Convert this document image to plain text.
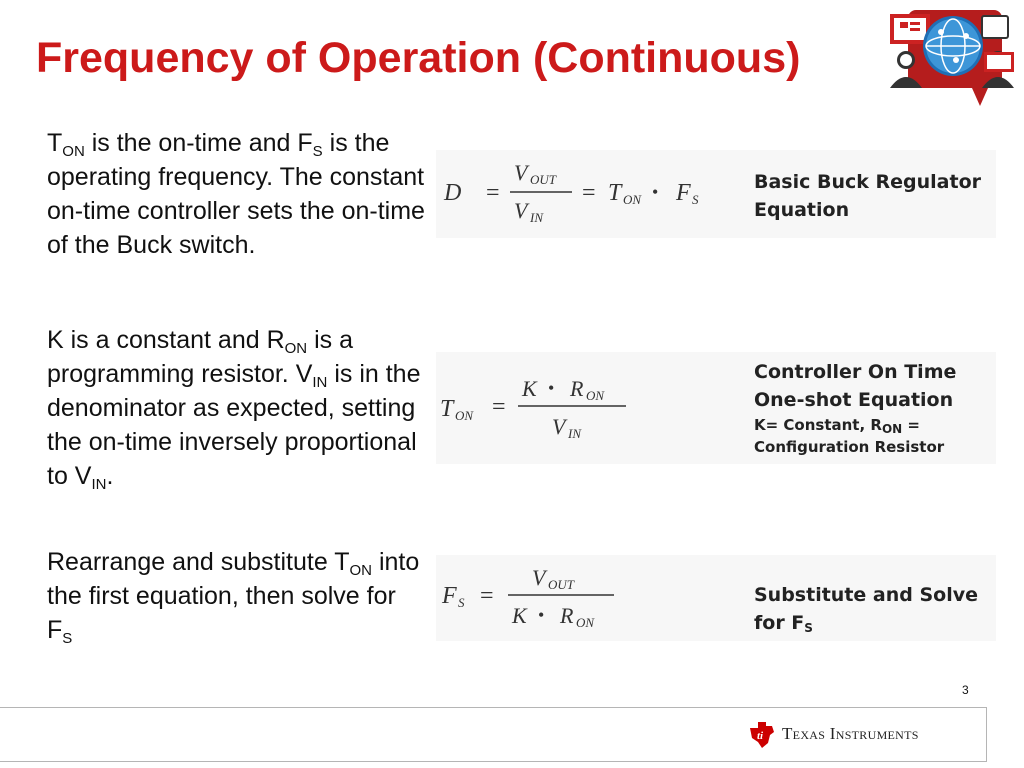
Frequency of Operation (Continuous)
$T_{ON}$ is the on-time and $F_S$ is the operating frequency. The constant on-time controller sets the on-time of the Buck switch.
K is a constant and $R_{ON}$ is a programming resistor. $V_{IN}$ is in the denominator as expected, setting the on-time inversely proportional to $V_{IN}$.
Rearrange and substitute $T_{ON}$ into the first equation, then solve for $F_S$
D =
V OUT
V IN
= T ON • F S
Basic Buck Regulator
Equation
T ON =
K • R ON
V IN
Controller On Time
One-shot Equation
K= Constant, $R_{ON}$ =
Configuration Resistor
F S =
V OUT
K • R ON
Substitute and Solve
for $F_S$
3
ti Texas Instruments
